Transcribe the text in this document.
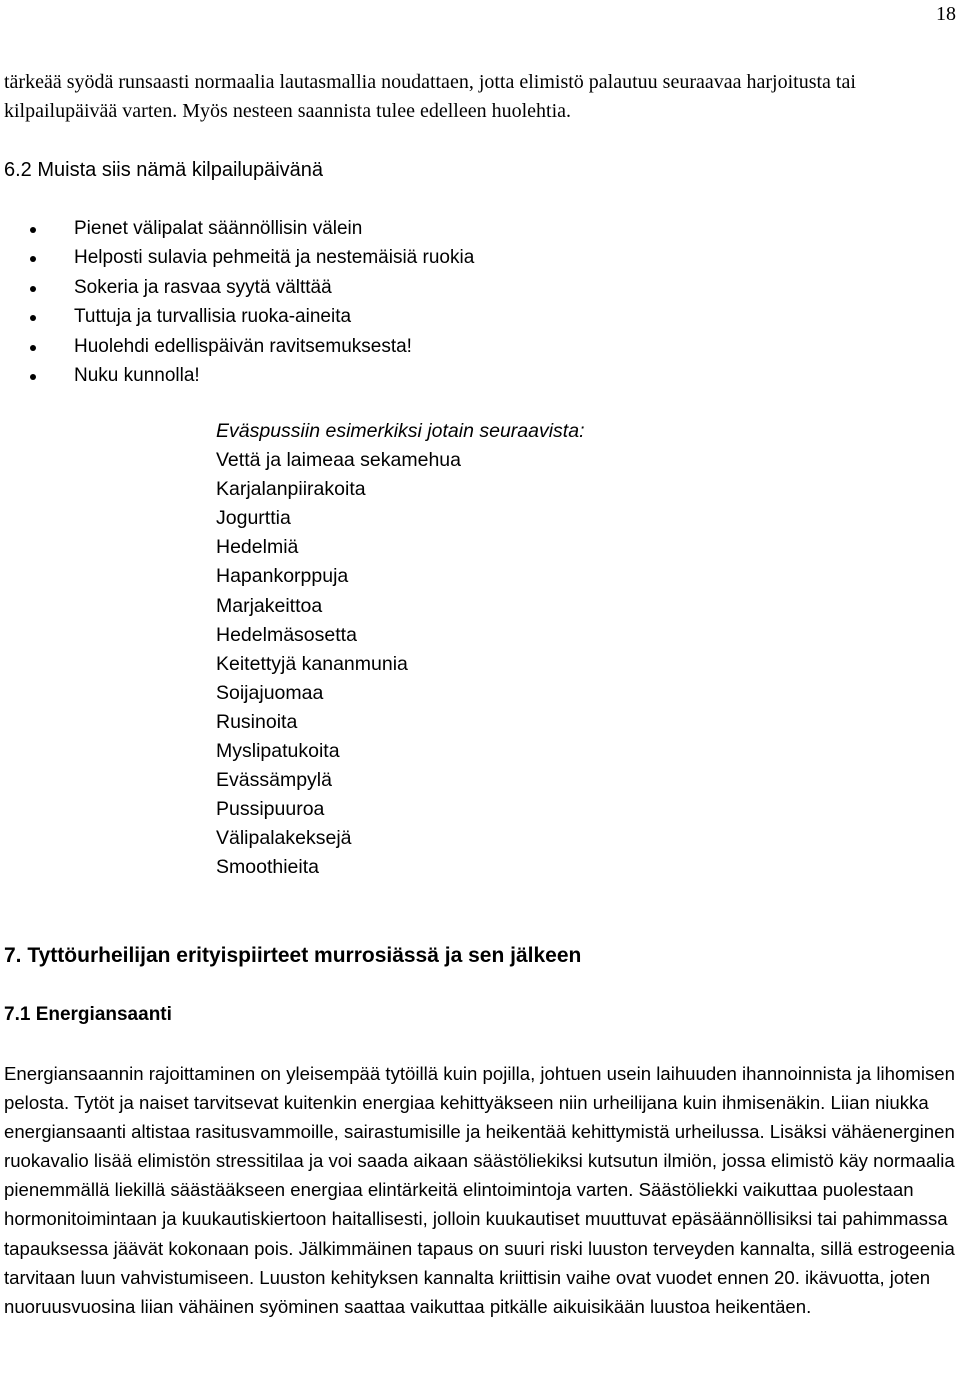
18

tärkeää syödä runsaasti normaalia lautasmallia noudattaen, jotta elimistö palautuu seuraavaa harjoitusta tai kilpailupäivää varten. Myös nesteen saannista tulee edelleen huolehtia.

6.2 Muista siis nämä kilpailupäivänä
Pienet välipalat säännöllisin välein
Helposti sulavia pehmeitä ja nestemäisiä ruokia
Sokeria ja rasvaa syytä välttää
Tuttuja ja turvallisia ruoka-aineita
Huolehdi edellispäivän ravitsemuksesta!
Nuku kunnolla!
Eväspussiin esimerkiksi jotain seuraavista:
Vettä ja laimeaa sekamehua
Karjalanpiirakoita
Jogurttia
Hedelmiä
Hapankorppuja
Marjakeittoa
Hedelmäsosetta
Keitettyjä kananmunia
Soijajuomaa
Rusinoita
Myslipatukoita
Evässämpylä
Pussipuuroa
Välipalakeksejä
Smoothieita
7. Tyttöurheilijan erityispiirteet murrosiässä ja sen jälkeen
7.1 Energiansaanti

Energiansaannin rajoittaminen on yleisempää tytöillä kuin pojilla, johtuen usein laihuuden ihannoinnista ja lihomisen pelosta. Tytöt ja naiset tarvitsevat kuitenkin energiaa kehittyäkseen niin urheilijana kuin ihmisenäkin. Liian niukka energiansaanti altistaa rasitusvammoille, sairastumisille ja heikentää kehittymistä urheilussa. Lisäksi vähäenerginen ruokavalio lisää elimistön stressitilaa ja voi saada aikaan säästöliekiksi kutsutun ilmiön, jossa elimistö käy normaalia pienemmällä liekillä säästääkseen energiaa elintärkeitä elintoimintoja varten. Säästöliekki vaikuttaa puolestaan hormonitoimintaan ja kuukautiskiertoon haitallisesti, jolloin kuukautiset muuttuvat epäsäännöllisiksi tai pahimmassa tapauksessa jäävät kokonaan pois. Jälkimmäinen tapaus on suuri riski luuston terveyden kannalta, sillä estrogeenia tarvitaan luun vahvistumiseen. Luuston kehityksen kannalta kriittisin vaihe ovat vuodet ennen 20. ikävuotta, joten nuoruusvuosina liian vähäinen syöminen saattaa vaikuttaa pitkälle aikuisikään luustoa heikentäen.
